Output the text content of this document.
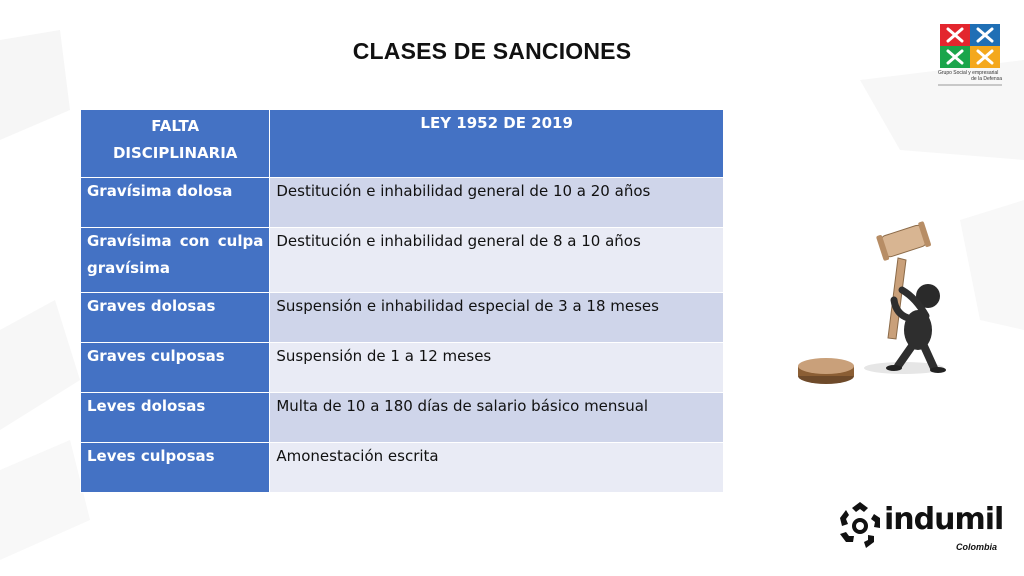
CLASES DE SANCIONES
Grupo Social y empresarial
de la Defensa
FALTA DISCIPLINARIA	LEY 1952 DE 2019
Gravísima dolosa	Destitución e inhabilidad general de 10 a 20 años
Gravísima con culpa gravísima	Destitución e inhabilidad general de 8 a 10 años
Graves dolosas	Suspensión e inhabilidad especial de 3 a 18 meses
Graves culposas	Suspensión de 1 a 12 meses
Leves dolosas	Multa de 10 a 180 días de salario básico mensual
Leves culposas	Amonestación escrita
indumil
Colombia
